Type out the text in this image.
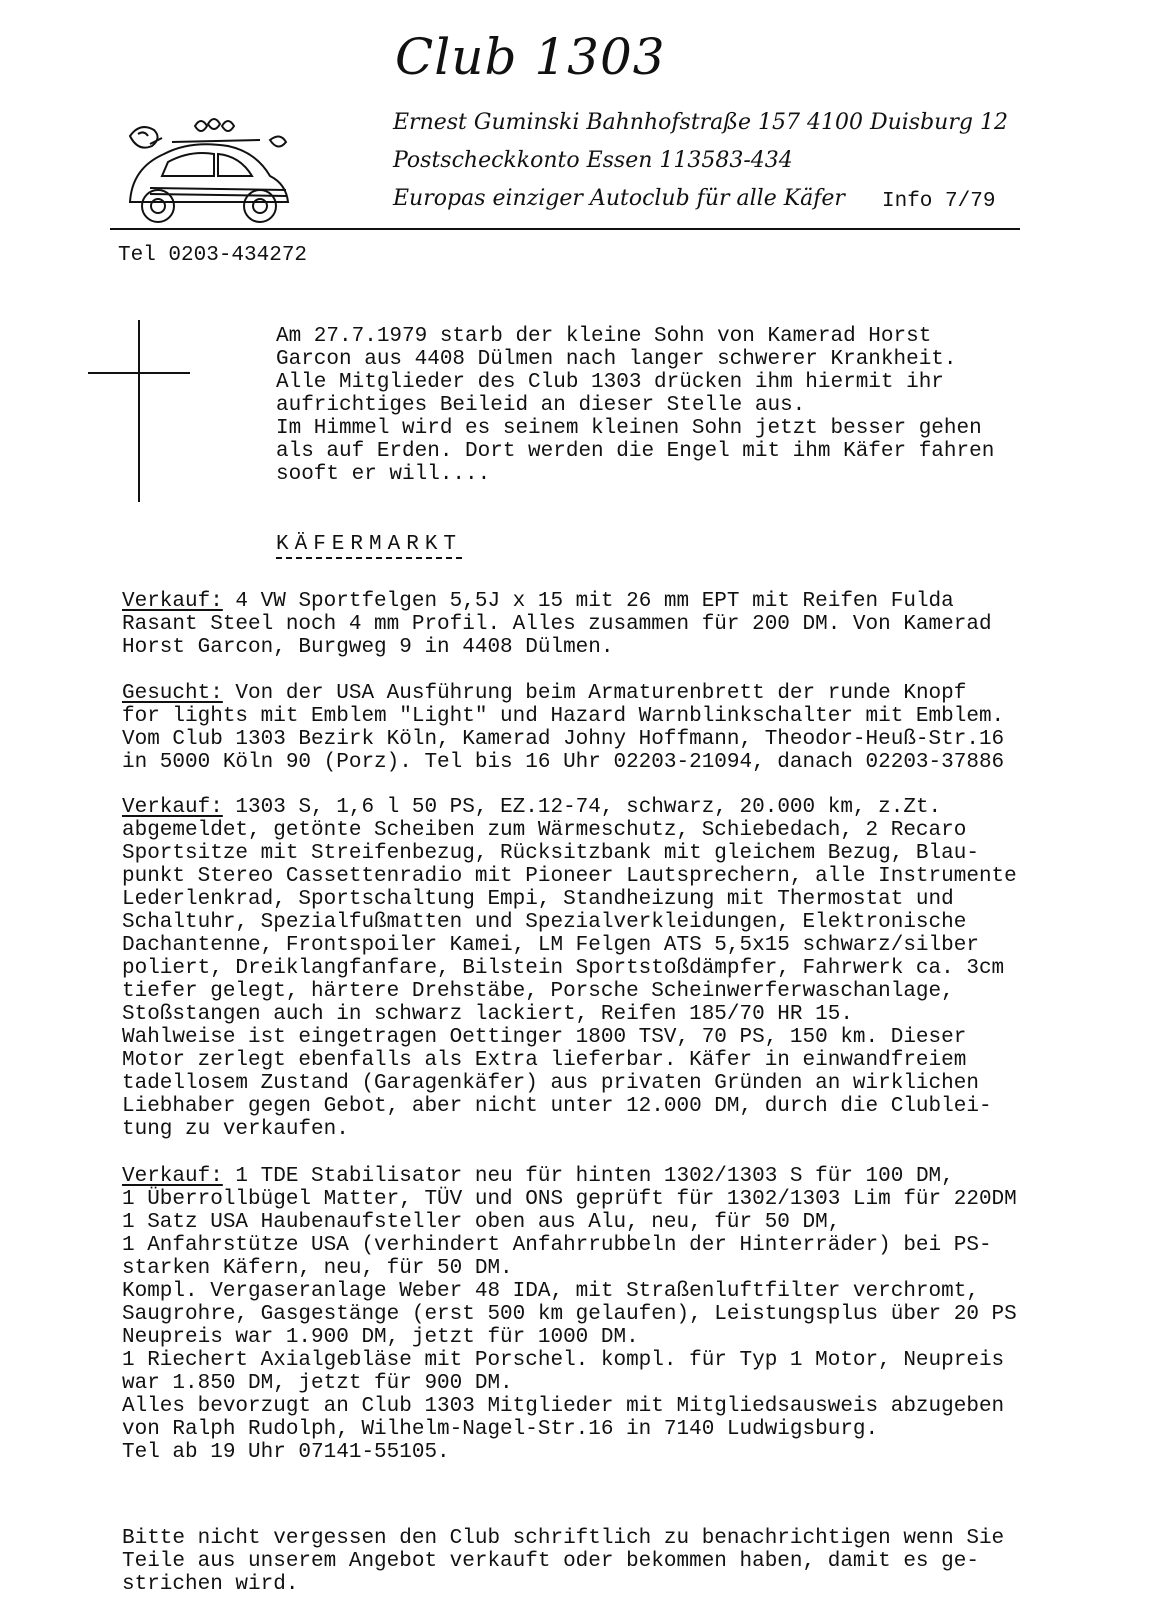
Club 1303
Ernest Guminski Bahnhofstraße 157 4100 Duisburg 12
Postscheckkonto Essen 113583-434
Europas einziger Autoclub für alle Käfer Info 7/79
Tel 0203-434272
Am 27.7.1979 starb der kleine Sohn von Kamerad Horst
Garcon aus 4408 Dülmen nach langer schwerer Krankheit.
Alle Mitglieder des Club 1303 drücken ihm hiermit ihr
aufrichtiges Beileid an dieser Stelle aus.
Im Himmel wird es seinem kleinen Sohn jetzt besser gehen
als auf Erden. Dort werden die Engel mit ihm Käfer fahren
sooft er will....
KÄFERMARKT
Verkauf: 4 VW Sportfelgen 5,5J x 15 mit 26 mm EPT mit Reifen Fulda
Rasant Steel noch 4 mm Profil. Alles zusammen für 200 DM. Von Kamerad
Horst Garcon, Burgweg 9 in 4408 Dülmen.
Gesucht: Von der USA Ausführung beim Armaturenbrett der runde Knopf
for lights mit Emblem "Light" und Hazard Warnblinkschalter mit Emblem.
Vom Club 1303 Bezirk Köln, Kamerad Johny Hoffmann, Theodor-Heuß-Str.16
in 5000 Köln 90 (Porz). Tel bis 16 Uhr 02203-21094, danach 02203-37886
Verkauf: 1303 S, 1,6 l 50 PS, EZ.12-74, schwarz, 20.000 km, z.Zt.
abgemeldet, getönte Scheiben zum Wärmeschutz, Schiebedach, 2 Recaro
Sportsitze mit Streifenbezug, Rücksitzbank mit gleichem Bezug, Blau-
punkt Stereo Cassettenradio mit Pioneer Lautsprechern, alle Instrumente
Lederlenkrad, Sportschaltung Empi, Standheizung mit Thermostat und
Schaltuhr, Spezialfußmatten und Spezialverkleidungen, Elektronische
Dachantenne, Frontspoiler Kamei, LM Felgen ATS 5,5x15 schwarz/silber
poliert, Dreiklangfanfare, Bilstein Sportstoßdämpfer, Fahrwerk ca. 3cm
tiefer gelegt, härtere Drehstäbe, Porsche Scheinwerferwaschanlage,
Stoßstangen auch in schwarz lackiert, Reifen 185/70 HR 15.
Wahlweise ist eingetragen Oettinger 1800 TSV, 70 PS, 150 km. Dieser
Motor zerlegt ebenfalls als Extra lieferbar. Käfer in einwandfreiem
tadellosem Zustand (Garagenkäfer) aus privaten Gründen an wirklichen
Liebhaber gegen Gebot, aber nicht unter 12.000 DM, durch die Clublei-
tung zu verkaufen.
Verkauf: 1 TDE Stabilisator neu für hinten 1302/1303 S für 100 DM,
1 Überrollbügel Matter, TÜV und ONS geprüft für 1302/1303 Lim für 220DM
1 Satz USA Haubenaufsteller oben aus Alu, neu, für 50 DM,
1 Anfahrstütze USA (verhindert Anfahrrubbeln der Hinterräder) bei PS-
starken Käfern, neu, für 50 DM.
Kompl. Vergaseranlage Weber 48 IDA, mit Straßenluftfilter verchromt,
Saugrohre, Gasgestänge (erst 500 km gelaufen), Leistungsplus über 20 PS
Neupreis war 1.900 DM, jetzt für 1000 DM.
1 Riechert Axialgebläse mit Porschel. kompl. für Typ 1 Motor, Neupreis
war 1.850 DM, jetzt für 900 DM.
Alles bevorzugt an Club 1303 Mitglieder mit Mitgliedsausweis abzugeben
von Ralph Rudolph, Wilhelm-Nagel-Str.16 in 7140 Ludwigsburg.
Tel ab 19 Uhr 07141-55105.
Bitte nicht vergessen den Club schriftlich zu benachrichtigen wenn Sie
Teile aus unserem Angebot verkauft oder bekommen haben, damit es ge-
strichen wird.
